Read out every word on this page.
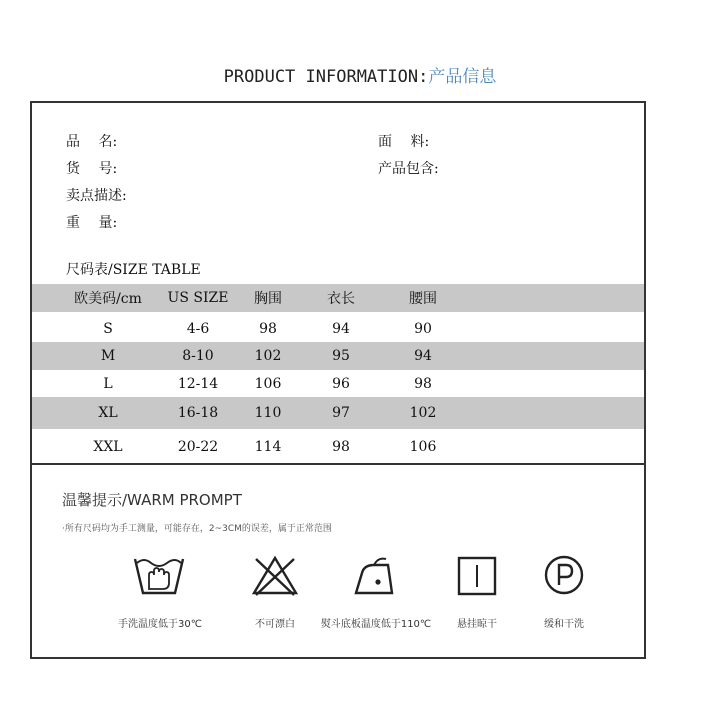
PRODUCT INFORMATION:产品信息
品　 名:
货　 号:
卖点描述:
重　 量:
面　 料:
产品包含:
尺码表/SIZE TABLE
欧美码/cm	US SIZE	胸围	衣长	腰围
S	4-6	98	94	90
M	8-10	102	95	94
L	12-14	106	96	98
XL	16-18	110	97	102
XXL	20-22	114	98	106
温馨提示/WARM PROMPT
·所有尺码均为手工测量，可能存在，2~3CM的误差，属于正常范围
手洗温度低于30℃	不可漂白	熨斗底板温度低于110℃	悬挂晾干	缓和干洗
